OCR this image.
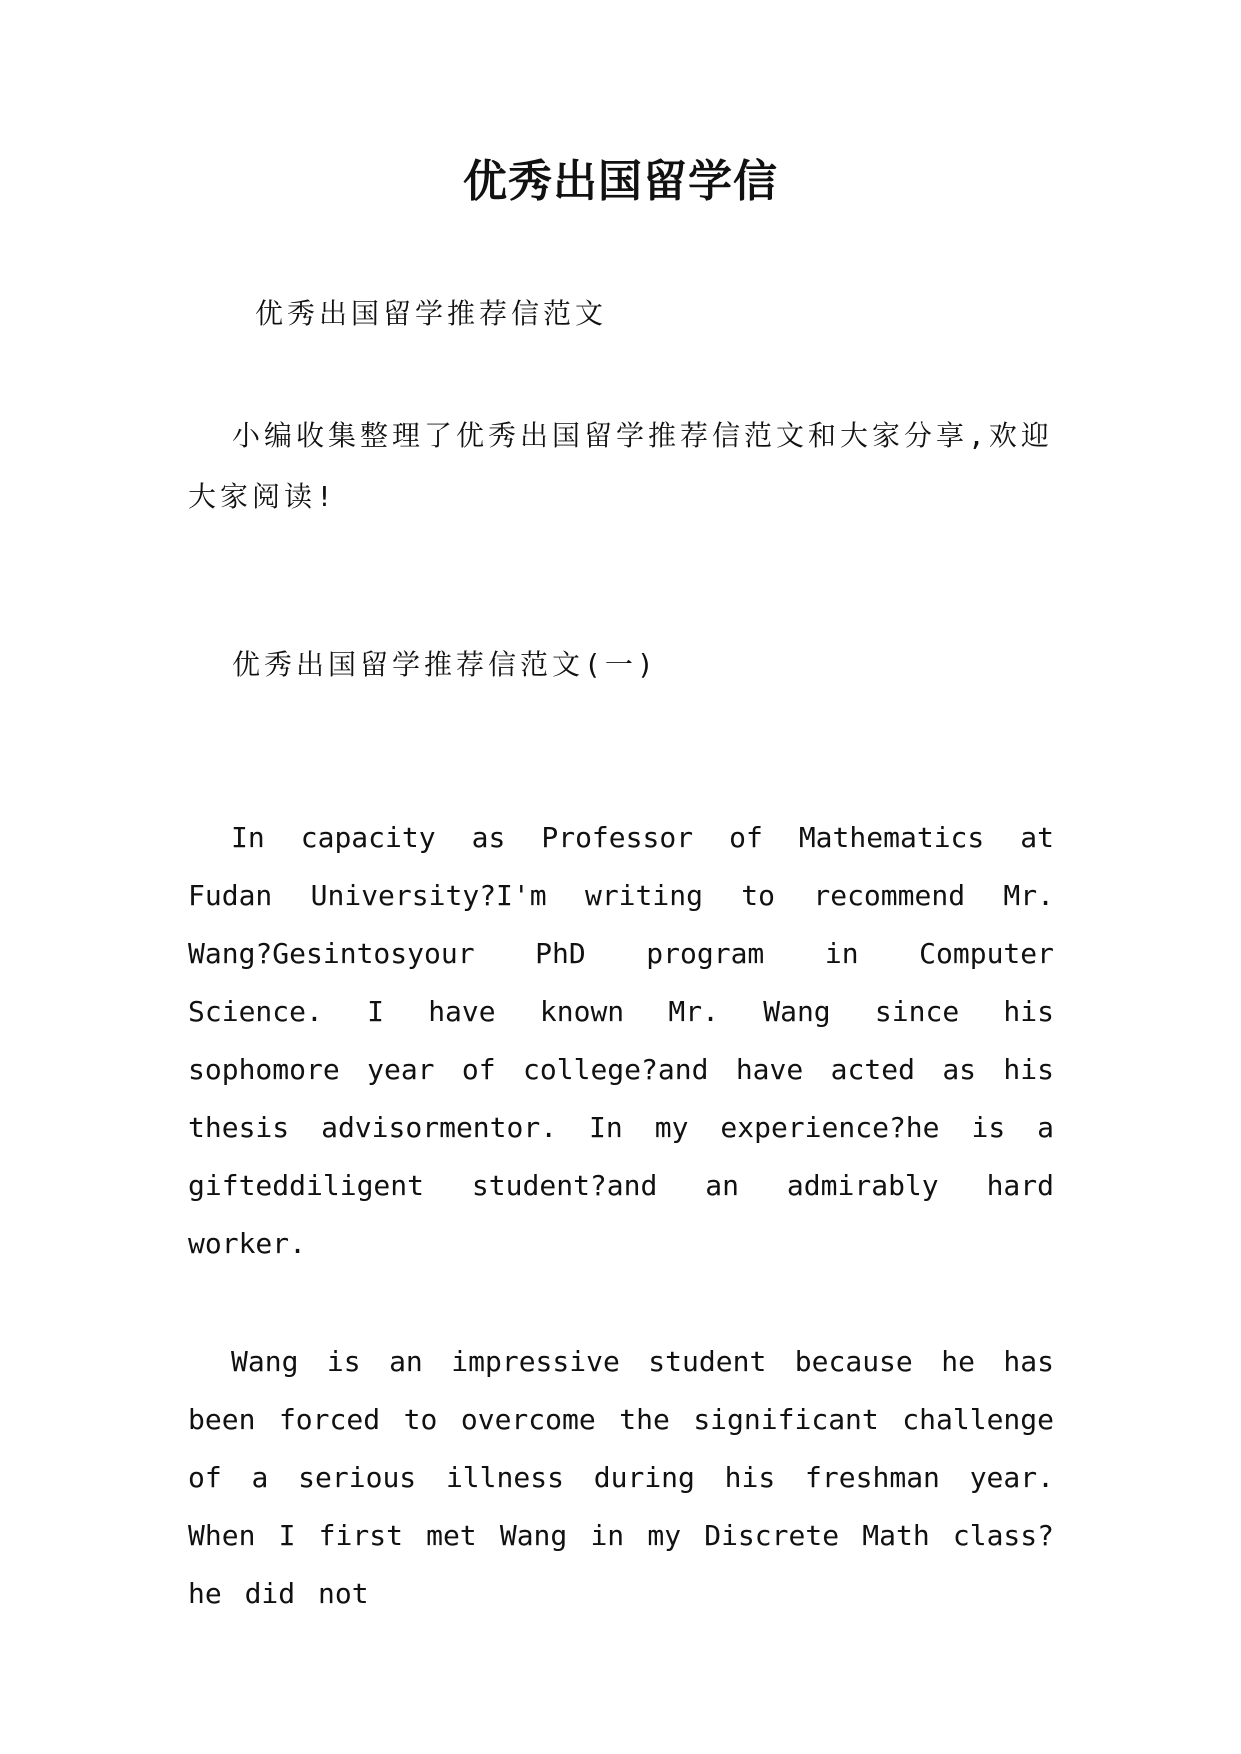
优秀出国留学信
优秀出国留学推荐信范文
小编收集整理了优秀出国留学推荐信范文和大家分享,欢迎大家阅读!
优秀出国留学推荐信范文(一)
In capacity as Professor of Mathematics at Fudan University?I'm writing to recommend Mr. Wang?Gesintosyour PhD program in Computer Science. I have known Mr. Wang since his sophomore year of college?and have acted as his thesis advisormentor. In my experience?he is a gifteddiligent student?and an admirably hard worker.
Wang is an impressive student because he has been forced to overcome the significant challenge of a serious illness during his freshman year. When I first met Wang in my Discrete Math class?he did not
